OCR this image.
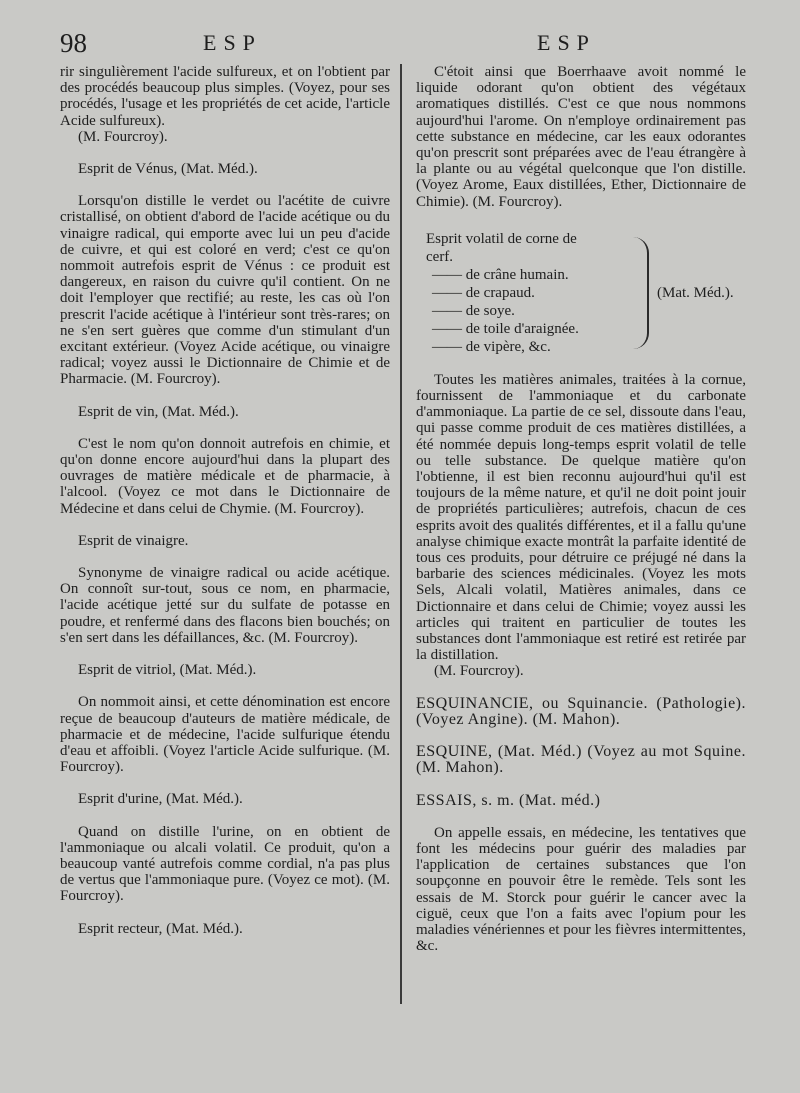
98	ESP	ESP

rir singulièrement l'acide sulfureux, et on l'obtient par des procédés beaucoup plus simples. (Voyez, pour ses procédés, l'usage et les propriétés de cet acide, l'article Acide sulfureux).

(M. Fourcroy).

Esprit de Vénus, (Mat. Méd.).

Lorsqu'on distille le verdet ou l'acétite de cuivre cristallisé, on obtient d'abord de l'acide acétique ou du vinaigre radical, qui emporte avec lui un peu d'acide de cuivre, et qui est coloré en verd; c'est ce qu'on nommoit autrefois esprit de Vénus : ce produit est dangereux, en raison du cuivre qu'il contient. On ne doit l'employer que rectifié; au reste, les cas où l'on prescrit l'acide acétique à l'intérieur sont très-rares; on ne s'en sert guères que comme d'un stimulant d'un excitant extérieur. (Voyez Acide acétique, ou vinaigre radical; voyez aussi le Dictionnaire de Chimie et de Pharmacie. (M. Fourcroy).

Esprit de vin, (Mat. Méd.).

C'est le nom qu'on donnoit autrefois en chimie, et qu'on donne encore aujourd'hui dans la plupart des ouvrages de matière médicale et de pharmacie, à l'alcool. (Voyez ce mot dans le Dictionnaire de Médecine et dans celui de Chymie. (M. Fourcroy).

Esprit de vinaigre.

Synonyme de vinaigre radical ou acide acétique. On connoît sur-tout, sous ce nom, en pharmacie, l'acide acétique jetté sur du sulfate de potasse en poudre, et renfermé dans des flacons bien bouchés; on s'en sert dans les défaillances, &c. (M. Fourcroy).

Esprit de vitriol, (Mat. Méd.).

On nommoit ainsi, et cette dénomination est encore reçue de beaucoup d'auteurs de matière médicale, de pharmacie et de médecine, l'acide sulfurique étendu d'eau et affoibli. (Voyez l'article Acide sulfurique. (M. Fourcroy).

Esprit d'urine, (Mat. Méd.).

Quand on distille l'urine, on en obtient de l'ammoniaque ou alcali volatil. Ce produit, qu'on a beaucoup vanté autrefois comme cordial, n'a pas plus de vertus que l'ammoniaque pure. (Voyez ce mot). (M. Fourcroy).

Esprit recteur, (Mat. Méd.).

C'étoit ainsi que Boerrhaave avoit nommé le liquide odorant qu'on obtient des végétaux aromatiques distillés. C'est ce que nous nommons aujourd'hui l'arome. On n'employe ordinairement pas cette substance en médecine, car les eaux odorantes qu'on prescrit sont préparées avec de l'eau étrangère à la plante ou au végétal quelconque que l'on distille. (Voyez Arome, Eaux distillées, Ether, Dictionnaire de Chimie). (M. Fourcroy).

Esprit volatil de corne de
cerf.
—— de crâne humain.
—— de crapaud.
—— de soye.
—— de toile d'araignée.
—— de vipère, &c.
(Mat. Méd.).

Toutes les matières animales, traitées à la cornue, fournissent de l'ammoniaque et du carbonate d'ammoniaque. La partie de ce sel, dissoute dans l'eau, qui passe comme produit de ces matières distillées, a été nommée depuis long-temps esprit volatil de telle ou telle substance. De quelque matière qu'on l'obtienne, il est bien reconnu aujourd'hui qu'il est toujours de la même nature, et qu'il ne doit point jouir de propriétés particulières; autrefois, chacun de ces esprits avoit des qualités différentes, et il a fallu qu'une analyse chimique exacte montrât la parfaite identité de tous ces produits, pour détruire ce préjugé né dans la barbarie des sciences médicinales. (Voyez les mots Sels, Alcali volatil, Matières animales, dans ce Dictionnaire et dans celui de Chimie; voyez aussi les articles qui traitent en particulier de toutes les substances dont l'ammoniaque est retiré est retirée par la distillation.

(M. Fourcroy).

ESQUINANCIE, ou Squinancie. (Pathologie). (Voyez Angine). (M. Mahon).

ESQUINE, (Mat. Méd.) (Voyez au mot Squine. (M. Mahon).

ESSAIS, s. m. (Mat. méd.)

On appelle essais, en médecine, les tentatives que font les médecins pour guérir des maladies par l'application de certaines substances que l'on soupçonne en pouvoir être le remède. Tels sont les essais de M. Storck pour guérir le cancer avec la ciguë, ceux que l'on a faits avec l'opium pour les maladies vénériennes et pour les fièvres intermittentes, &c.
